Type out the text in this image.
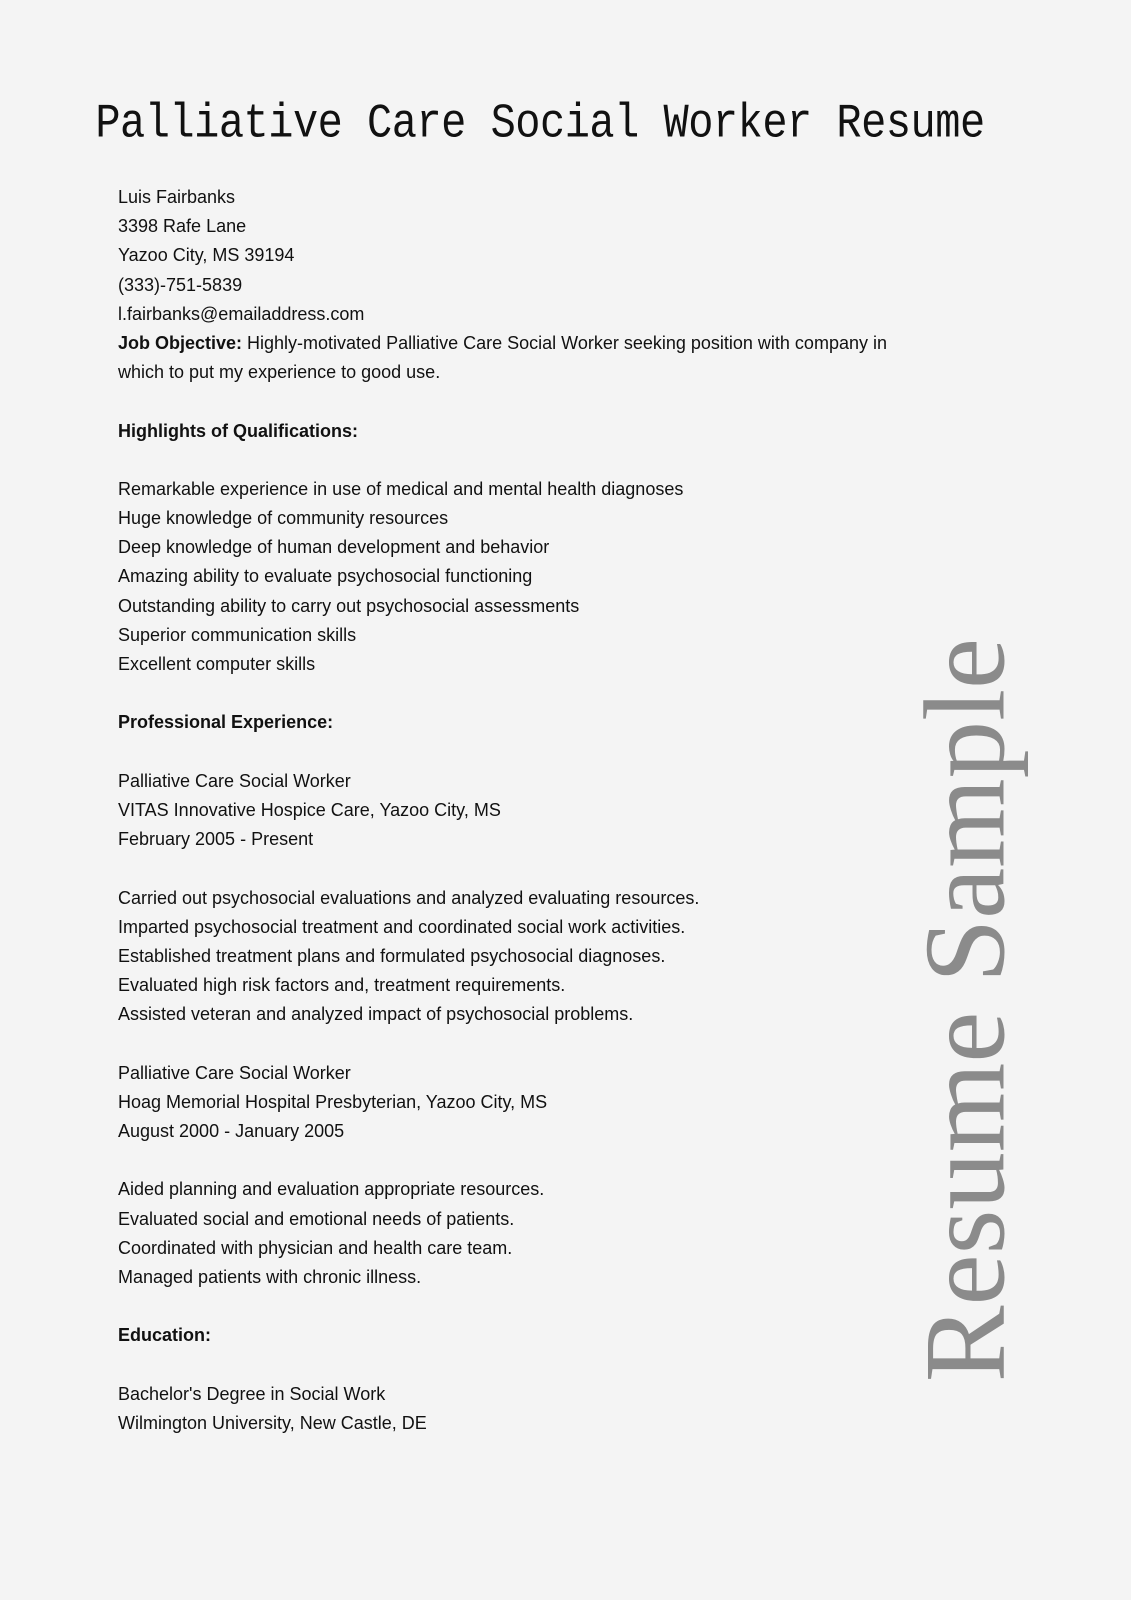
Palliative Care Social Worker Resume
Luis Fairbanks
3398 Rafe Lane
Yazoo City, MS 39194
(333)-751-5839
l.fairbanks@emailaddress.com
Job Objective: Highly-motivated Palliative Care Social Worker seeking position with company in
which to put my experience to good use.
Highlights of Qualifications:
Remarkable experience in use of medical and mental health diagnoses
Huge knowledge of community resources
Deep knowledge of human development and behavior
Amazing ability to evaluate psychosocial functioning
Outstanding ability to carry out psychosocial assessments
Superior communication skills
Excellent computer skills
Professional Experience:
Palliative Care Social Worker
VITAS Innovative Hospice Care, Yazoo City, MS
February 2005 - Present
Carried out psychosocial evaluations and analyzed evaluating resources.
Imparted psychosocial treatment and coordinated social work activities.
Established treatment plans and formulated psychosocial diagnoses.
Evaluated high risk factors and, treatment requirements.
Assisted veteran and analyzed impact of psychosocial problems.
Palliative Care Social Worker
Hoag Memorial Hospital Presbyterian, Yazoo City, MS
August 2000 - January 2005
Aided planning and evaluation appropriate resources.
Evaluated social and emotional needs of patients.
Coordinated with physician and health care team.
Managed patients with chronic illness.
Education:
Bachelor's Degree in Social Work
Wilmington University, New Castle, DE
Resume Sample
